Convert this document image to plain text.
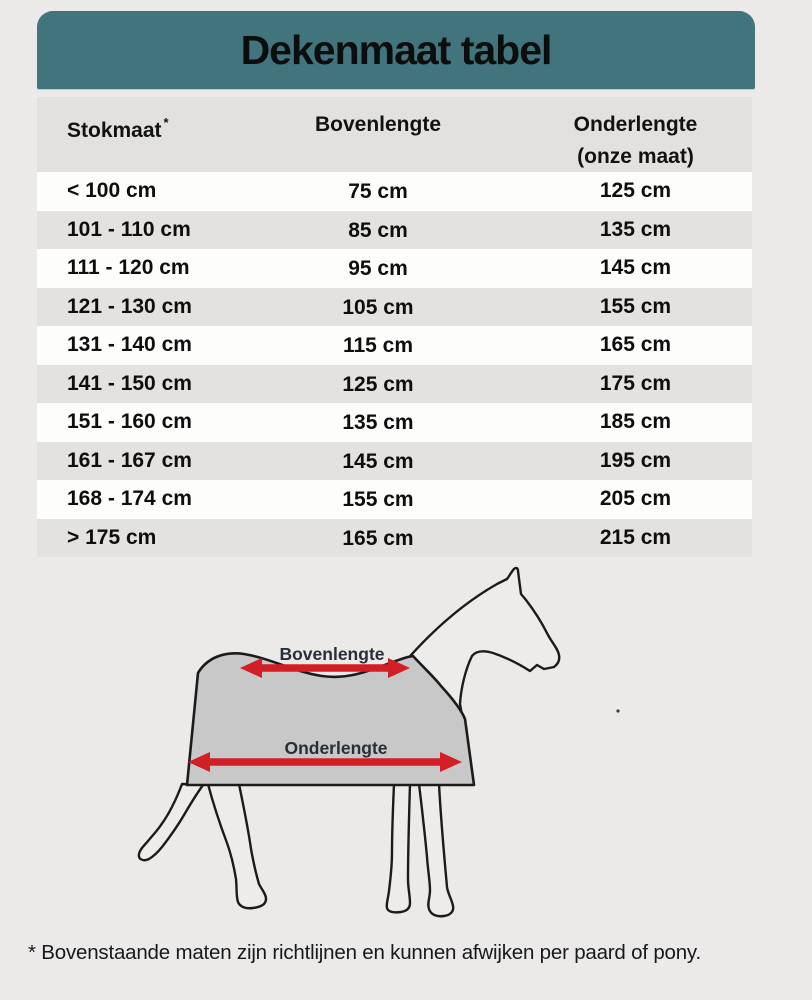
Dekenmaat tabel
Stokmaat *	Bovenlengte	Onderlengte
(onze maat)
< 100 cm	75 cm	125 cm
101 - 110 cm	85 cm	135 cm
111 - 120 cm	95 cm	145 cm
121 - 130 cm	105 cm	155 cm
131 - 140 cm	115 cm	165 cm
141 - 150 cm	125 cm	175 cm
151 - 160 cm	135 cm	185 cm
161 - 167 cm	145 cm	195 cm
168 - 174 cm	155 cm	205 cm
> 175 cm	165 cm	215 cm
Bovenlengte
Onderlengte

* Bovenstaande maten zijn richtlijnen en kunnen afwijken per paard of pony.
